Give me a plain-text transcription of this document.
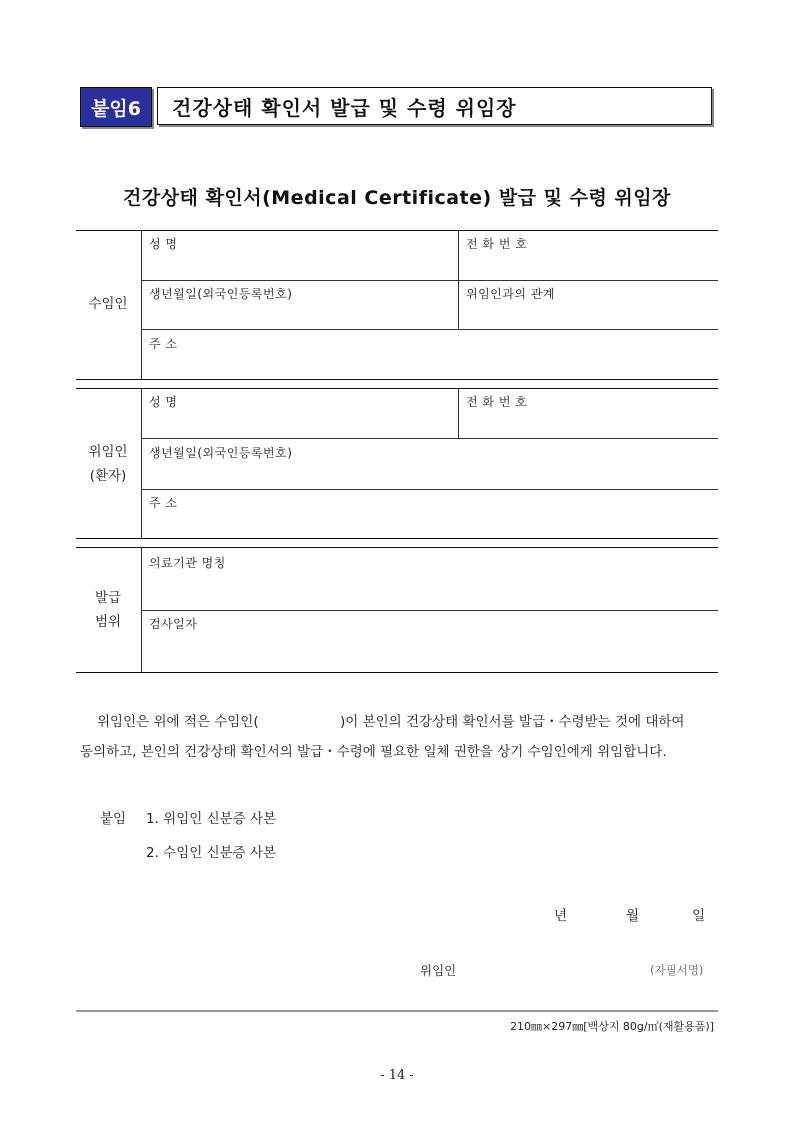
붙임6	건강상태 확인서 발급 및 수령 위임장
건강상태 확인서(Medical Certificate) 발급 및 수령 위임장
수임인
성 명	전 화 번 호
생년월일(외국인등록번호)	위임인과의 관계
주 소
위임인
(환자)
성 명	전 화 번 호
생년월일(외국인등록번호)
주 소
발급
범위
의료기관 명칭
검사일자
위임인은 위에 적은 수임인(	)이 본인의 건강상태 확인서를 발급・수령받는 것에 대하여
동의하고, 본인의 건강상태 확인서의 발급・수령에 필요한 일체 권한을 상기 수임인에게 위임합니다.
붙임 1. 위임인 신분증 사본
2. 수임인 신분증 사본
년	월	일
위임인	(자필서명)
210㎜×297㎜[백상지 80g/㎡(재활용품)]
- 14 -
